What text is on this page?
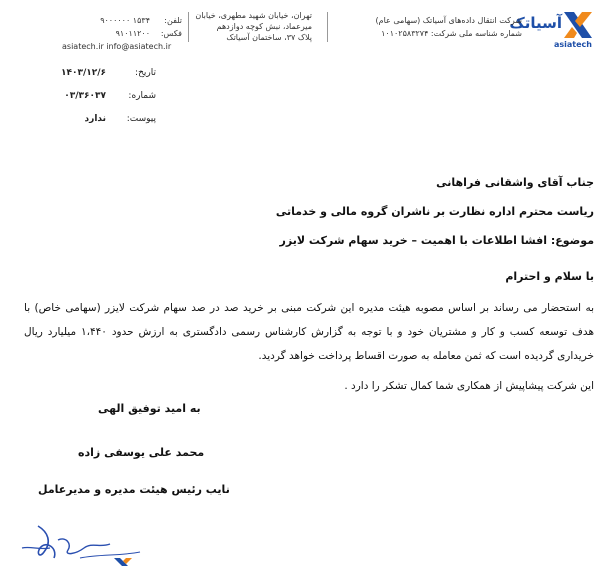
آسیاتک
asiatech
شرکت انتقال داده‌های آسیاتک (سهامی عام)
شماره شناسه ملی شرکت: ۱۰۱۰۲۵۸۳۲۷۴
تهران، خیابان شهید مطهری، خیابان
میرعماد، نبش کوچه دوازدهم
پلاک ۳۷، ساختمان آسیاتک
تلفن:۹۰۰۰۰۰۰ ۱۵۳۴
فکس:۹۱۰۱۱۲۰۰
asiatech.ir info@asiatech.ir
تاریخ:
۱۴۰۳/۱۲/۶
شماره:
۰۳/۳۶۰۳۷
پیوست:
ندارد
جناب آقای واشقانی فراهانی
ریاست محترم اداره نظارت بر ناشران گروه مالی و خدماتی
موضوع: افشا اطلاعات با اهمیت – خرید سهام شرکت لایزر
با سلام و احترام
به استحضار می رساند بر اساس مصوبه هیئت مدیره این شرکت مبنی بر خرید صد در صد سهام شرکت لایزر (سهامی خاص) با هدف توسعه کسب و کار و مشتریان خود و با توجه به گزارش کارشناس رسمی دادگستری به ارزش حدود ۱،۴۴۰ میلیارد ریال خریداری گردیده است که ثمن معامله به صورت اقساط پرداخت خواهد گردید.
این شرکت پیشاپیش از همکاری شما کمال تشکر را دارد .
به امید توفیق الهی
محمد علی یوسفی زاده
نایب رئیس هیئت مدیره و مدیرعامل
